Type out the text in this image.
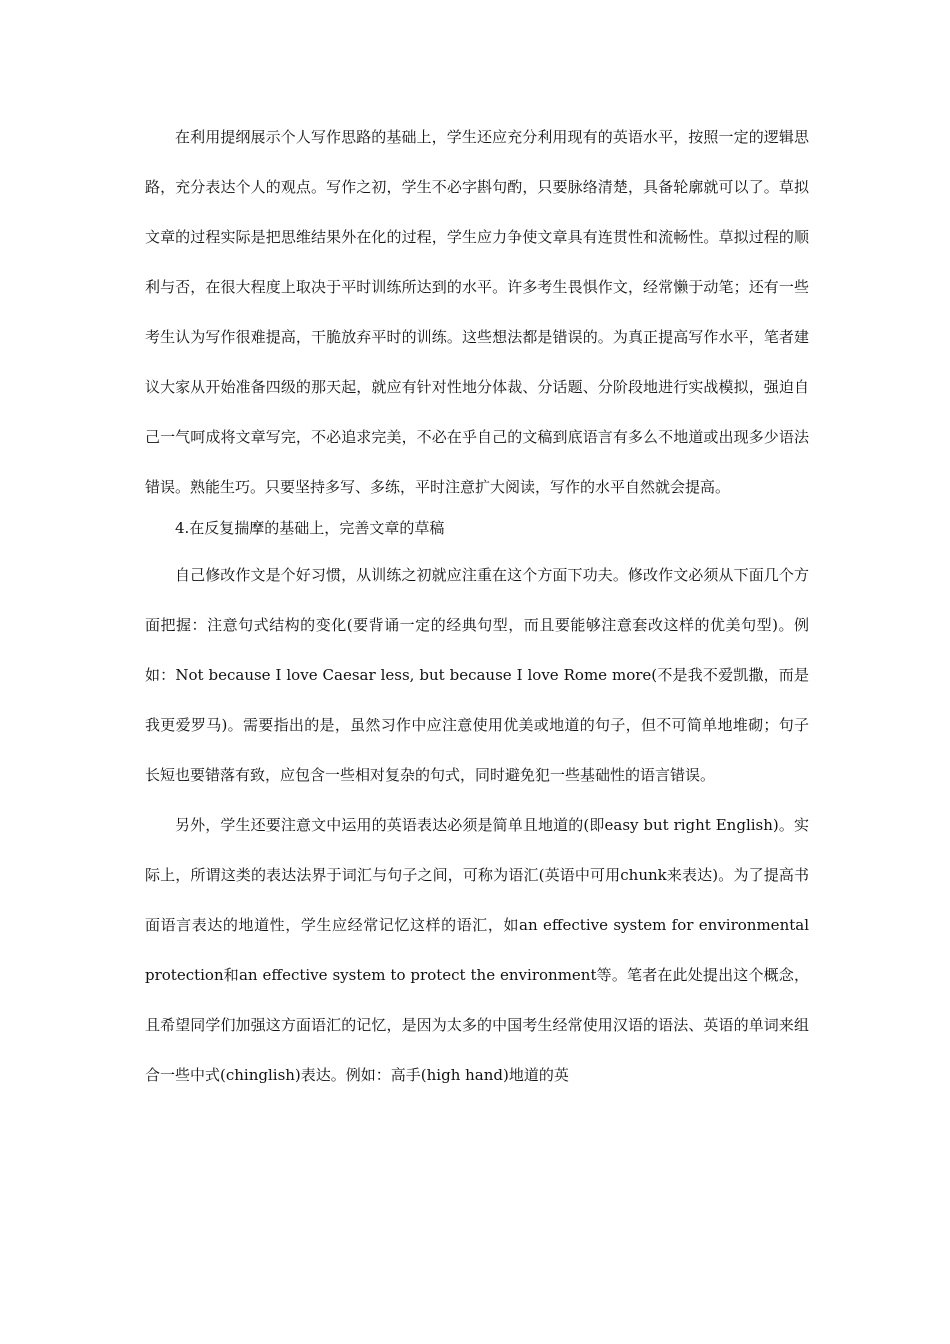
在利用提纲展示个人写作思路的基础上，学生还应充分利用现有的英语水平，按照一定的逻辑思路，充分表达个人的观点。写作之初，学生不必字斟句酌，只要脉络清楚，具备轮廓就可以了。草拟文章的过程实际是把思维结果外在化的过程，学生应力争使文章具有连贯性和流畅性。草拟过程的顺利与否，在很大程度上取决于平时训练所达到的水平。许多考生畏惧作文，经常懒于动笔；还有一些考生认为写作很难提高，干脆放弃平时的训练。这些想法都是错误的。为真正提高写作水平，笔者建议大家从开始准备四级的那天起，就应有针对性地分体裁、分话题、分阶段地进行实战模拟，强迫自己一气呵成将文章写完，不必追求完美，不必在乎自己的文稿到底语言有多么不地道或出现多少语法错误。熟能生巧。只要坚持多写、多练，平时注意扩大阅读，写作的水平自然就会提高。

4.在反复揣摩的基础上，完善文章的草稿

自己修改作文是个好习惯，从训练之初就应注重在这个方面下功夫。修改作文必须从下面几个方面把握：注意句式结构的变化(要背诵一定的经典句型，而且要能够注意套改这样的优美句型)。例如：Not because I love Caesar less, but because I love Rome more(不是我不爱凯撒，而是我更爱罗马)。需要指出的是，虽然习作中应注意使用优美或地道的句子，但不可简单地堆砌；句子长短也要错落有致，应包含一些相对复杂的句式，同时避免犯一些基础性的语言错误。

另外，学生还要注意文中运用的英语表达必须是简单且地道的(即easy but right English)。实际上，所谓这类的表达法界于词汇与句子之间，可称为语汇(英语中可用chunk来表达)。为了提高书面语言表达的地道性，学生应经常记忆这样的语汇，如an effective system for environmental protection和an effective system to protect the environment等。笔者在此处提出这个概念，且希望同学们加强这方面语汇的记忆，是因为太多的中国考生经常使用汉语的语法、英语的单词来组合一些中式(chinglish)表达。例如：高手(high hand)地道的英
